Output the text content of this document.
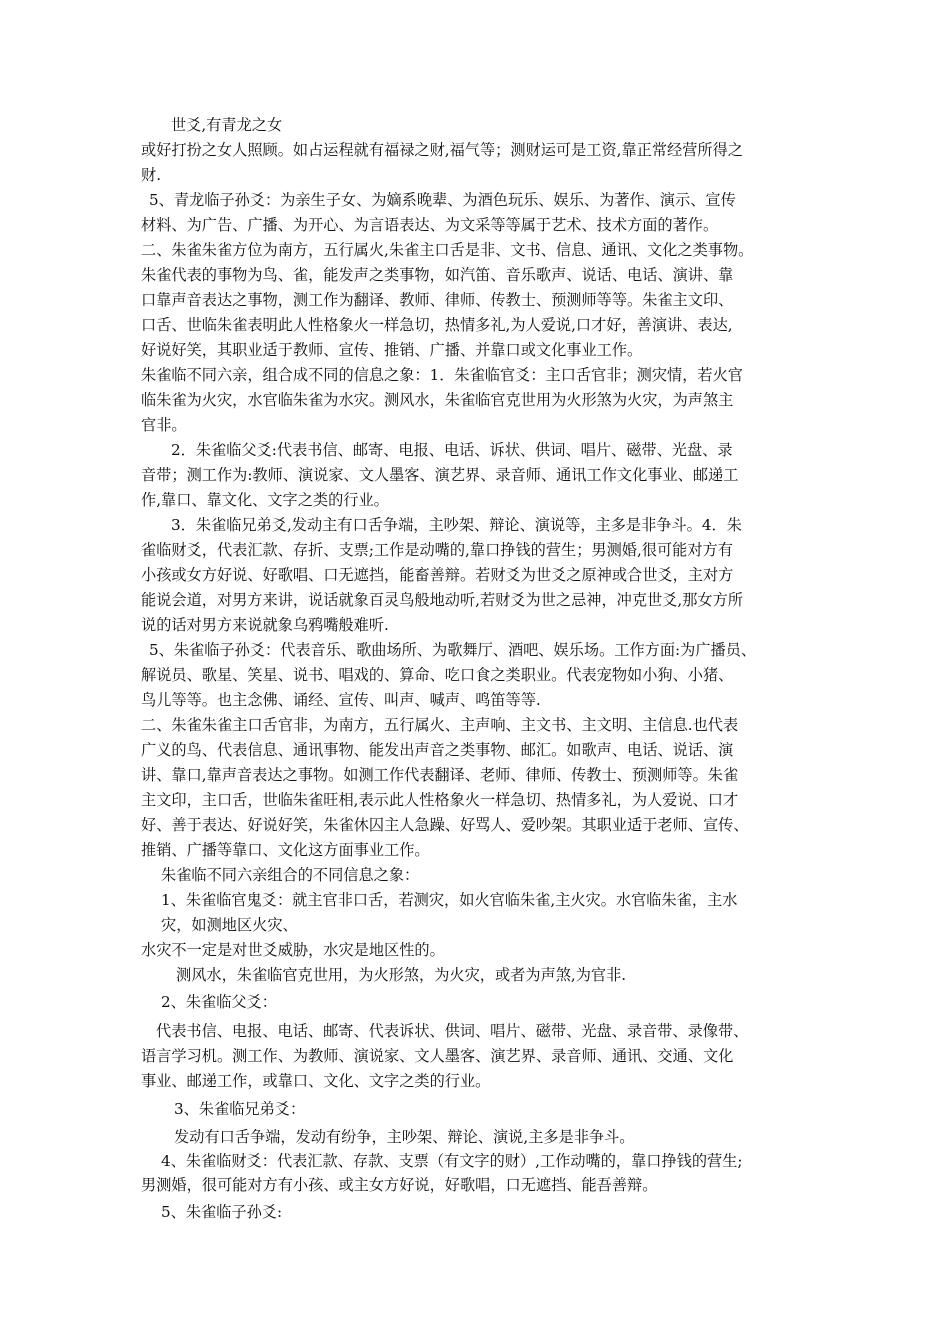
世爻,有青龙之女
或好打扮之女人照顾。如占运程就有福禄之财,福气等；测财运可是工资,靠正常经营所得之
财.
5、青龙临子孙爻：为亲生子女、为嫡系晚辈、为酒色玩乐、娱乐、为著作、演示、宣传
材料、为广告、广播、为开心、为言语表达、为文采等等属于艺术、技术方面的著作。
二、朱雀朱雀方位为南方，五行属火,朱雀主口舌是非、文书、信息、通讯、文化之类事物。
朱雀代表的事物为鸟、雀，能发声之类事物，如汽笛、音乐歌声、说话、电话、演讲、靠
口靠声音表达之事物，测工作为翻译、教师、律师、传教士、预测师等等。朱雀主文印、
口舌、世临朱雀表明此人性格象火一样急切，热情多礼,为人爱说,口才好，善演讲、表达,
好说好笑，其职业适于教师、宣传、推销、广播、并靠口或文化事业工作。
朱雀临不同六亲，组合成不同的信息之象：1．朱雀临官爻：主口舌官非；测灾情，若火官
临朱雀为火灾，水官临朱雀为水灾。测风水，朱雀临官克世用为火形煞为火灾，为声煞主
官非。
2．朱雀临父爻:代表书信、邮寄、电报、电话、诉状、供词、唱片、磁带、光盘、录
音带；测工作为:教师、演说家、文人墨客、演艺界、录音师、通讯工作文化事业、邮递工
作,靠口、靠文化、文字之类的行业。
3．朱雀临兄弟爻,发动主有口舌争端，主吵架、辩论、演说等，主多是非争斗。4．朱
雀临财爻，代表汇款、存折、支票;工作是动嘴的,靠口挣钱的营生；男测婚,很可能对方有
小孩或女方好说、好歌唱、口无遮挡，能畜善辩。若财爻为世爻之原神或合世爻，主对方
能说会道，对男方来讲，说话就象百灵鸟般地动听,若财爻为世之忌神，冲克世爻,那女方所
说的话对男方来说就象乌鸦嘴般难听.
5、朱雀临子孙爻：代表音乐、歌曲场所、为歌舞厅、酒吧、娱乐场。工作方面:为广播员、
解说员、歌星、笑星、说书、唱戏的、算命、吃口食之类职业。代表宠物如小狗、小猪、
鸟儿等等。也主念佛、诵经、宣传、叫声、喊声、鸣笛等等.
二、朱雀朱雀主口舌官非，为南方，五行属火、主声响、主文书、主文明、主信息.也代表
广义的鸟、代表信息、通讯事物、能发出声音之类事物、邮汇。如歌声、电话、说话、演
讲、靠口,靠声音表达之事物。如测工作代表翻译、老师、律师、传教士、预测师等。朱雀
主文印，主口舌，世临朱雀旺相,表示此人性格象火一样急切、热情多礼，为人爱说、口才
好、善于表达、好说好笑，朱雀休囚主人急躁、好骂人、爱吵架。其职业适于老师、宣传、
推销、广播等靠口、文化这方面事业工作。
朱雀临不同六亲组合的不同信息之象：
1、朱雀临官鬼爻：就主官非口舌，若测灾，如火官临朱雀,主火灾。水官临朱雀，主水
灾，如测地区火灾、
水灾不一定是对世爻威胁，水灾是地区性的。
测风水，朱雀临官克世用，为火形煞，为火灾，或者为声煞,为官非.
2、朱雀临父爻：
代表书信、电报、电话、邮寄、代表诉状、供词、唱片、磁带、光盘、录音带、录像带、
语言学习机。测工作、为教师、演说家、文人墨客、演艺界、录音师、通讯、交通、文化
事业、邮递工作，或靠口、文化、文字之类的行业。
3、朱雀临兄弟爻：
发动有口舌争端，发动有纷争，主吵架、辩论、演说,主多是非争斗。
4、朱雀临财爻：代表汇款、存款、支票（有文字的财）,工作动嘴的，靠口挣钱的营生;
男测婚，很可能对方有小孩、或主女方好说，好歌唱，口无遮挡、能吾善辩。
5、朱雀临子孙爻:
